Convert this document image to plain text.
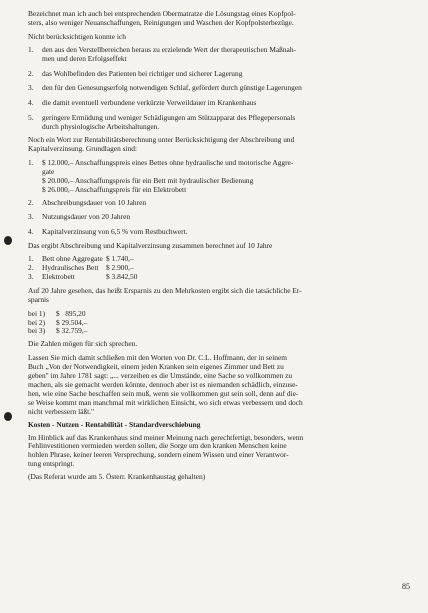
Bezeichnet man ich auch bei entsprechenden Obermatratze die Lösungstag eines Kopfpol-

sters, also weniger Neuanschaffungen, Reinigungen und Waschen der Kopfpolsterbezüge.

Nicht berücksichtigen konnte ich

1.	den aus den Verstellbereichen heraus zu erzielende Wert der therapeutischen Maßnah-

men und deren Erfolgseffekt

2.	das Wohlbefinden des Patienten bei richtiger und sicherer Lagerung
3.	den für den Genesungserfolg notwendigen Schlaf, gefördert durch günstige Lagerungen
4.	die damit eventuell verbundene verkürzte Verweildauer im Krankenhaus
5.	geringere Ermüdung und weniger Schädigungen am Stützapparat des Pflegepersonals

durch physiologische Arbeitshaltungen.

Noch ein Wort zur Rentabilitätsberechnung unter Berücksichtigung der Abschreibung und

Kapitalverzinsung. Grundlagen sind:

1.	$ 12.000,– Anschaffungspreis eines Bettes ohne hydraulische und motorische Aggre-

gate

$ 20.000,– Anschaffungspreis für ein Bett mit hydraulischer Bedienung

$ 26.000,– Anschaffungspreis für ein Elektrobett

2.	Abschreibungsdauer von 10 Jahren
3.	Nutzungsdauer von 20 Jahren
4.	Kapitalverzinsung von 6,5 % vom Restbuchwert.

Das ergibt Abschreibung und Kapitalverzinsung zusammen berechnet auf 10 Jahre

1.	Bett ohne Aggregate $ 1.740,–
2.	Hydraulisches Bett	$ 2.900,–
3.	Elektrobett	$ 3.842,50

Auf 20 Jahre gesehen, das heißt Ersparnis zu den Mehrkosten ergibt sich die tatsächliche Er-

sparnis

bei 1)	$   895,20
bei 2)	$ 29.504,–
bei 3)	$ 32.759,–

Die Zahlen mögen für sich sprechen.

Lassen Sie mich damit schließen mit den Worten von Dr. C.L. Hoffmann, der in seinem

Buch „Von der Notwendigkeit, einem jeden Kranken sein eigenes Zimmer und Bett zu

geben" im Jahre 1781 sagt: „... verzeihen es die Umstände, eine Sache so vollkommen zu

machen, als sie gemacht werden könnte, dennoch aber ist es niemanden schädlich, einzuse-

hen, wie eine Sache beschaffen sein muß, wenn sie vollkommen gut sein soll, denn auf die-

se Weise kommt man manchmal mit wirklichen Einsicht, wo sich etwas verbessern und doch

nicht verbessern läßt."

Kosten - Nutzen - Rentabilität - Standardverschiebung

Im Hinblick auf das Krankenhaus sind meiner Meinung nach gerechtfertigt, besonders, wenn

Fehlinvestitionen vermieden werden sollen, die Sorge um den kranken Menschen keine

hohlen Phrase, keiner leeren Versprechung, sondern einem Wissen und einer Verantwor-

tung entspringt.

(Das Referat wurde am 5. Österr. Krankenhaustag gehalten)

85
